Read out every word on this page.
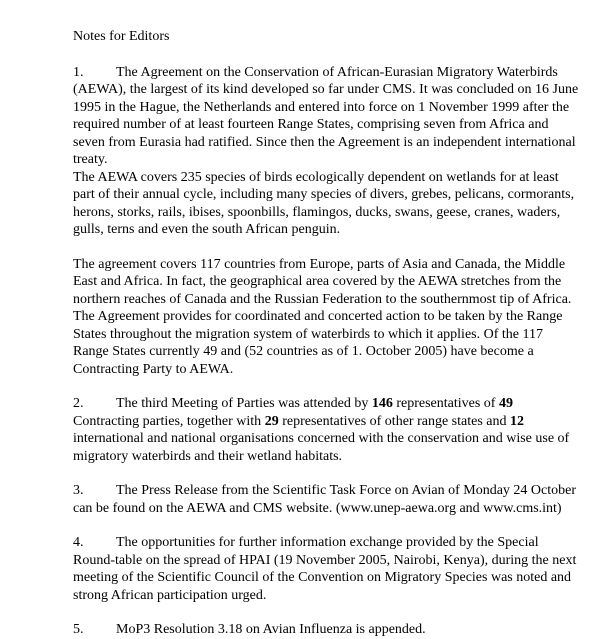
Notes for Editors
1. The Agreement on the Conservation of African-Eurasian Migratory Waterbirds (AEWA), the largest of its kind developed so far under CMS. It was concluded on 16 June 1995 in the Hague, the Netherlands and entered into force on 1 November 1999 after the required number of at least fourteen Range States, comprising seven from Africa and seven from Eurasia had ratified. Since then the Agreement is an independent international treaty.
The AEWA covers 235 species of birds ecologically dependent on wetlands for at least part of their annual cycle, including many species of divers, grebes, pelicans, cormorants, herons, storks, rails, ibises, spoonbills, flamingos, ducks, swans, geese, cranes, waders, gulls, terns and even the south African penguin.
The agreement covers 117 countries from Europe, parts of Asia and Canada, the Middle East and Africa. In fact, the geographical area covered by the AEWA stretches from the northern reaches of Canada and the Russian Federation to the southernmost tip of Africa. The Agreement provides for coordinated and concerted action to be taken by the Range States throughout the migration system of waterbirds to which it applies. Of the 117 Range States currently 49 and (52 countries as of 1. October 2005) have become a Contracting Party to AEWA.
2. The third Meeting of Parties was attended by 146 representatives of 49 Contracting parties, together with 29 representatives of other range states and 12 international and national organisations concerned with the conservation and wise use of migratory waterbirds and their wetland habitats.
3. The Press Release from the Scientific Task Force on Avian of Monday 24 October can be found on the AEWA and CMS website. (www.unep-aewa.org and www.cms.int)
4. The opportunities for further information exchange provided by the Special Round-table on the spread of HPAI (19 November 2005, Nairobi, Kenya), during the next meeting of the Scientific Council of the Convention on Migratory Species was noted and strong African participation urged.
5. MoP3 Resolution 3.18 on Avian Influenza is appended.
